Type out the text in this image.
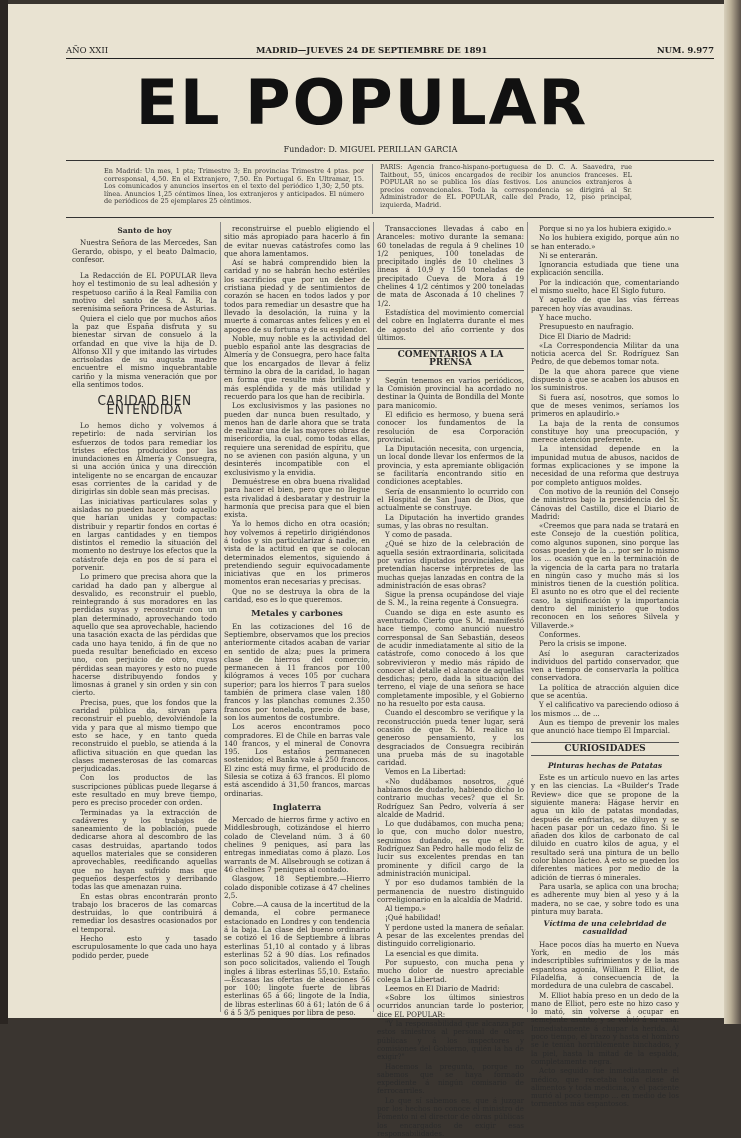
AÑO XXII	MADRID—JUEVES 24 DE SEPTIEMBRE DE 1891	NUM. 9.977
EL POPULAR
Fundador: D. MIGUEL PERILLAN GARCIA
En Madrid: Un mes, 1 pta; Trimestre 3; En provincias Trimestre 4 ptas. por corresponsal, 4,50. En el Extranjero, 7,50. En Portugal 6. En Ultramar, 15. Los comunicados y anuncios insertos en el texto del periódico 1,30; 2,50 pts. línea. Anuncios 1,25 céntimos línea, los extranjeros y anticipados. El número de periódicos de 25 ejemplares 25 céntimos.
PARIS: Agencia franco-hispano-portuguesa de D. C. A. Saavedra, rue Taitbout, 55, únicos encargados de recibir los anuncios franceses. EL POPULAR no se publica los días festivos. Los anuncios extranjeros à precios convencionales. Toda la correspondencia se dirigirá al Sr. Administrador de EL POPULAR, calle del Prado, 12, piso principal, izquierda, Madrid.

Santo de hoy

Nuestra Señora de las Mercedes, San Gerardo, obispo, y el beato Dalmacio, confesor.

La Redacción de EL POPULAR lleva hoy el testimonio de su leal adhesión y respetuoso cariño á la Real Familia con motivo del santo de S. A. R. la serenísima señora Princesa de Asturias.

Quiera el cielo que por muchos años la paz que España disfruta y su bienestar sirvan de consuelo á la orfandad en que vive la hija de D. Alfonso XII y que imitando las virtudes acrisoladas de su augusta madre encuentre el mismo inquebrantable cariño y la misma veneración que por ella sentimos todos.

CARIDAD BIEN ENTENDIDA

Lo hemos dicho y volvemos á repetirlo: de nada servirían los esfuerzos de todos para remediar los tristes efectos producidos por las inundaciones en Almería y Consuegra, si una acción única y una dirección inteligente no se encargan de encauzar esas corrientes de la caridad y de dirigirlas sin doble sean más precisas.

Las iniciativas particulares solas y aisladas no pueden hacer todo aquello que harían unidas y compactas: distribuir y repartir fondos en cortas é en largas cantidades y en tiempos distintos el remedio la situación del momento no destruye los efectos que la catástrofe deja en pos de sí para el porvenir.

Lo primero que precisa ahora que la caridad ha dado pan y albergue al desvalido, es reconstruir el pueblo, reintegrando á sus moradores en las perdidas suyas y reconstruir con un plan determinado, aprovechando todo aquello que sea aprovechable, haciendo una tasación exacta de las pérdidas que cada uno haya tenido, á fin de que no pueda resultar beneficiado en exceso uno, con perjuicio de otro, cuyas pérdidas sean mayores y esto no puede hacerse distribuyendo fondos y limosnas á granel y sin orden y sin con cierto.

Precisa, pues, que los fondos que la caridad pública da, sirvan para reconstruir el pueblo, devolviéndole la vida y para que al mismo tiempo que esto se hace, y en tanto queda reconstruido el pueblo, se atienda á la aflictiva situación en que quedan las clases menesterosas de las comarcas perjudicadas.

Con los productos de las suscripciones públicas puede llegarse á este resultado en muy breve tiempo, pero es preciso proceder con orden.

Terminadas ya la extracción de cadáveres y los trabajos de saneamiento de la población, puede dedicarse ahora al descombro de las casas destruidas, apartando todos aquellos materiales que se consideren aprovechables, reedificando aquellas que no hayan sufrido mas que pequeños desperfectos y derribando todas las que amenazan ruina.

En estas obras encontrarán pronto trabajo los braceros de las comarcas destruidas, lo que contribuirá á remediar los desastres ocasionados por el temporal.

Hecho esto y tasado escrupulosamente lo que cada uno haya podido perder, puede

reconstruirse el pueblo eligiendo el sitio más apropiado para hacerlo á fin de evitar nuevas catástrofes como las que ahora lamentamos.

Así se habrá comprendido bien la caridad y no se habrán hecho estériles los sacrificios que por un deber de cristiana piedad y de sentimientos de corazón se hacen en todos lados y por todos para remediar un desastre que ha llevado la desolación, la ruina y la muerte á comarcas antes felices y en el apogeo de su fortuna y de su esplendor.

Noble, muy noble es la actividad del pueblo español ante las desgracias de Almería y de Consuegra, pero hace falta que los encargados de llevar á feliz término la obra de la caridad, lo hagan en forma que resulte más brillante y más espléndida y de más utilidad y recuerdo para los que han de recibirla.

Los exclusivismos y las pasiones no pueden dar nunca buen resultado, y menos han de darle ahora que se trata de realizar una de las mayores obras de misericordia, la cual, como todas ellas, requiere una serenidad de espíritu, que no se avienen con pasión alguna, y un desinterés incompatible con el exclusivismo y la envidia.

Demuéstrese en obra buena rivalidad para hacer el bien, pero que no llegue esta rivalidad á desbaratar y destruir la harmonía que precisa para que el bien exista.

Ya lo hemos dicho en otra ocasión; hoy volvemos á repetirlo dirigiéndonos á todos y sin particularizar á nadie, en vista de la actitud en que se colocan determinados elementos, siguiendo á pretendiendo seguir equivocadamente iniciativas que en los primeros momentos eran necesarias y precisas.

Que no se destruya la obra de la caridad, eso es lo que queremos.

Metales y carbones

En las cotizaciones del 16 de Septiembre, observamos que los precios anteriormente citados acaban de variar en sentido de alza; pues la primera clase de hierros del comercio, permanecen á 11 francos por 100 kilógramos á veces 105 por cuchara superior; para los hierros T para suelos también de primera clase valen 180 francos y las planchas comunes 2.350 francos por tonelada, precio de base, son los aumentos de costumbre.

Los aceros encontramos poco compradores. El de Chile en barras vale 140 francos, y el mineral de Conovra 195. Los estaños permanecen sostenidos; el Banka vale á 250 francos. El zinc está muy firme, el producido de Silesia se cotiza á 63 francos. El plomo está ascendido á 31,50 francos, marcas ordinarias.

Inglaterra

Mercado de hierros firme y activo en Middlesbrough, cotizándose el hierro colado de Cleveland núm. 3 á 60 chelines 9 peniques, así para las entregas inmediatas como á plazo. Los warrants de M. Allsebrough se cotizan á 46 chelines 7 peniques al contado.

Glasgow, 18 Septiembre.—Hierro colado disponible cotizase á 47 chelines 2,5.

Cobre.—A causa de la incertitud de la demanda, el cobre permanece estacionado en Londres y con tendencia á la baja. La clase del bueno ordinario se cotizó el 16 de Septiembre á libras esterlinas 51,10 al contado y á libras esterlinas 52 á 90 días. Los refinados son poco solicitados, valiendo el Tough ingles á libras esterlinas 55,10. Estaño.—Escasas las ofertas de aleaciones 56 por 100; lingote fuerte de libras esterlinas 65 á 66; lingote de la India, de libras esterlinas 60 á 61; latón de 6 á 6 á 5 3/5 peniques por libra de peso.

Transacciones llevadas á cabo en Aranceles: motivo durante la semana: 60 toneladas de regula á 9 chelines 10 1/2 peniques, 100 toneladas de precipitado inglés de 10 chelines 3 lineas á 10,9 y 150 toneladas de precipitado Cueva de Mora á 19 chelines 4 1/2 céntimos y 200 toneladas de mata de Asconada á 10 chelines 7 1/2.

Estadística del movimiento comercial del cobre en Inglaterra durante el mes de agosto del año corriente y dos últimos.

COMENTARIOS A LA PRENSA

Según tenemos en varios periódicos, la Comisión provincial ha acordado no destinar la Quinta de Bondilla del Monte para manicomio.

El edificio es hermoso, y buena será conocer los fundamentos de la resolución de esa Corporación provincial.

La Diputación necesita, con urgencia, un local donde llevar los enfermos de la provincia, y esta apremiante obligación se facilitaría encontrando sitio en condiciones aceptables.

Sería de ensanmiento lo ocurrido con el Hospital de San Juan de Dios, que actualmente se construye.

La Diputación ha invertido grandes sumas, y las obras no resultan.

Y como de pasada.

¿Qué se hizo de la celebración de aquella sesión extraordinaria, solicitada por varios diputados provinciales, que pretendían hacerse intérpretes de las muchas quejas lanzadas en contra de la administración de esas obras?

Sigue la prensa ocupándose del viaje de S. M., la reina regente á Consuegra.

Cuando se diga en este asunto es aventurado. Cierto que S. M. manifestó hace tiempo, como anunció nuestro corresponsal de San Sebastián, deseos de acudir inmediatamente al sitio de la catástrofe, como conocedo á los que sobrevivieron y medio más rápido de conocer al detalle el alcance de aquellas desdichas; pero, dada la situación del terreno, el viaje de una señora se hace completamente imposible, y el Gobierno no ha resuelto por esta causa.

Cuando el descombro se verifique y la reconstrucción pueda tener lugar, será ocasión de que S. M. realice su generoso pensamiento, y los desgraciados de Consuegra recibirán una prueba más de su inagotable caridad.

Vemos en La Libertad:

«No dudábamos nosotros, ¿qué habíamos de dudarlo, habiendo dicho lo contrario muchas veces? que el Sr. Rodríguez San Pedro, volvería á ser alcalde de Madrid.

Lo que dudábamos, con mucha pena; lo que, con mucho dolor nuestro, seguimos dudando, es que el Sr. Rodríguez San Pedro halle modo feliz de lucir sus excelentes prendas en tan prominente y difícil cargo de la administración municipal.

Y por eso dudamos también de la permanencia de nuestro distinguido correligionario en la alcaldía de Madrid.

Al tiempo.»

¡Qué habilidad!

Y perdone usted la manera de señalar. A pesar de las excelentes prendas del distinguido correligionario.

La esencial es que dimita.

Por supuesto, con mucha pena y mucho dolor de nuestro apreciable colega La Libertad.

Leemos en El Diario de Madrid:

«Sobre los últimos siniestros ocurridos anuncian tarde lo posterior, dice EL POPULAR:

"Y la responsabilidad que alcanza por estos siniestros al personal de obras públicas y á los inspectores y comisiones del Gobierno, quién la ha de exigir?"

Hacemos la pregunta, porque no sabemos que se haya formado expediente á ningún comisario de ferrocarriles.

Lo que sí sabemos es, que á juzgar por los hechos no conoce el ministro de Fomento ni el director de obras públicas los encargados de exigir esas responsabilidades.

Porque si no ya los hubiera exigido.»

No los hubiera exigido, porque aún no se han enterado.»

Ni se enterarán.

Ignorancia estudiada que tiene una explicación sencilla.

Por la indicación que, comentariando el mismo suelto, hace El Siglo futuro.

Y aquello de que las vías férreas parecen hoy vías avaudinas.

Y hace mucho.

Presupuesto en naufragio.

Dice El Diario de Madrid:

«La Correspondencia Militar da una noticia acerca del Sr. Rodríguez San Pedro, de que debemos tomar nota.

De la que ahora parece que viene dispuesto á que se acaben los abusos en los suministros.

Si fuera así, nosotros, que somos lo que de meses venimos, seríamos los primeros en aplaudirlo.»

La baja de la renta de consumos constituye hoy una preocupación, y merece atención preferente.

La intensidad depende en la impunidad mutua de abusos, nacidos de formas explicaciones y se impone la necesidad de una reforma que destruya por completo antiguos moldes.

Con motivo de la reunión del Consejo de ministros bajo la presidencia del Sr. Cánovas del Castillo, dice el Diario de Madrid:

«Creemos que para nada se tratará en este Consejo de la cuestión política, como algunos suponen, sino porque las cosas pueden y de la ... por ser lo mismo los ... ocasión que en la terminación de la vigencia de la carta para no tratarla en ningún caso y mucho más si los ministros tienen de la cuestión política. El asunto no es otro que el del reciente caso, la significación y la importancia dentro del ministerio que todos reconocen en los señores Silvela y Villaverde.»

Conformes.

Pero la crisis se impone.

Así lo aseguran caracterizados individuos del partido conservador, que ven a tiempo de conservarla la política conservadora.

La política de atracción alguien dice que se acentúa.

Y el calificativo va pareciendo odioso á los mismos ... de ...

Aun es tiempo de prevenir los males que anunció hace tiempo El Imparcial.

CURIOSIDADES

Pinturas hechas de Patatas

Este es un artículo nuevo en las artes y en las ciencias. La «Builder's Trade Review» dice que se propone de la siguiente manera: Hágase hervir en agua un kilo de patatas mondadas, después de enfriarlas, se diluyen y se hacen pasar por un cedazo fino. Si le añaden dos kilos de carbonato de cal diluido en cuatro kilos de agua, y el resultado será una pintura de un bello color blanco lácteo. A esto se pueden los diferentes matices por medio de la adición de tierras ó minerales.

Para usarla, se aplica con una brocha; es adherente muy bien al yeso y á la madera, no se cae, y sobre todo es una pintura muy barata.

Víctima de una celebridad de casualidad

Hace pocos días ha muerto en Nueva York, en medio de los más indescriptibles sufrimientos y de la mas espantosa agonía, William P. Elliot, de Filadelfia, á consecuencia de la mordedura de una culebra de cascabel.

M. Elliot había preso en un dedo de la mano de Elliot, pero este no hizo caso y lo mató, sin volverse á ocupar en semejante asunto, y se volvió á su casa. Inmediatamente á chupar la herida. Al poco tiempo, el brazo y hasta el hombro se le tenían horriblemente hinchados, y la piel, hasta la mitad de la espalda, completamente negra.

Acto seguido fue inmediatamente el médico, que recetaba toda clase de alimentos y toda medicina, y el paciente murió al poco tiempo ... en medio de los tormentos más espantosos.
